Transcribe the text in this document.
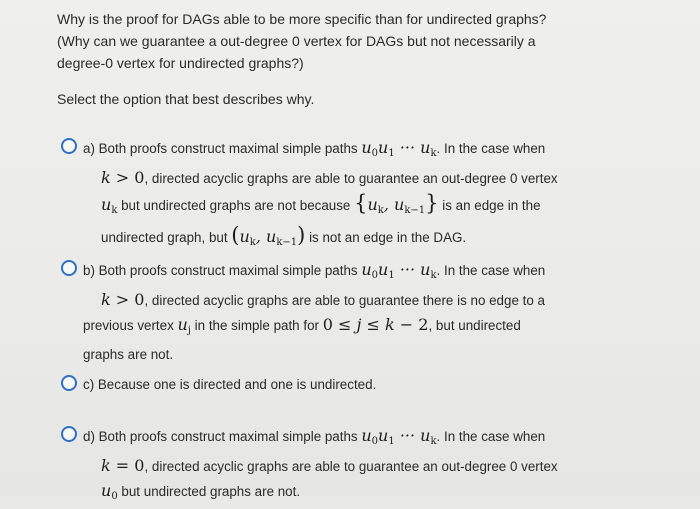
Why is the proof for DAGs able to be more specific than for undirected graphs?

(Why can we guarantee a out-degree 0 vertex for DAGs but not necessarily a

degree-0 vertex for undirected graphs?)

Select the option that best describes why.
a) Both proofs construct maximal simple paths $u_0u_1$ ··· $u_k$. In the case when
k > 0, directed acyclic graphs are able to guarantee an out-degree 0 vertex
$u_k$ but undirected graphs are not because {$u_k$, $u_{k-1}$} is an edge in the
undirected graph, but ($u_k$, $u_{k-1}$) is not an edge in the DAG.
b) Both proofs construct maximal simple paths $u_0u_1$ ··· $u_k$. In the case when
k > 0, directed acyclic graphs are able to guarantee there is no edge to a
previous vertex $u_j$ in the simple path for 0 ≤ j ≤ k − 2, but undirected
graphs are not.
c) Because one is directed and one is undirected.
d) Both proofs construct maximal simple paths $u_0u_1$ ··· $u_k$. In the case when
k = 0, directed acyclic graphs are able to guarantee an out-degree 0 vertex
$u_0$ but undirected graphs are not.
